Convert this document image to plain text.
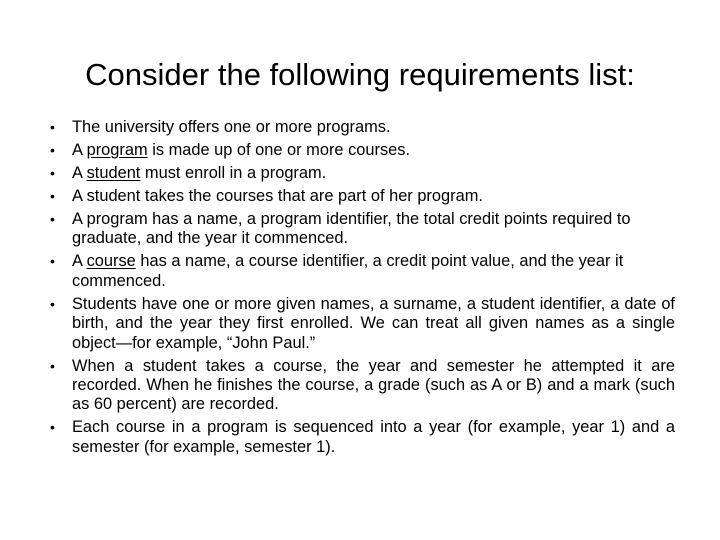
Consider the following requirements list:
• The university offers one or more programs.
• A program is made up of one or more courses.
• A student must enroll in a program.
• A student takes the courses that are part of her program.
• A program has a name, a program identifier, the total credit points required to graduate, and the year it commenced.
• A course has a name, a course identifier, a credit point value, and the year it commenced.
• Students have one or more given names, a surname, a student identifier, a date of birth, and the year they first enrolled. We can treat all given names as a single object—for example, “John Paul.”
• When a student takes a course, the year and semester he attempted it are recorded. When he finishes the course, a grade (such as A or B) and a mark (such as 60 percent) are recorded.
• Each course in a program is sequenced into a year (for example, year 1) and a semester (for example, semester 1).
